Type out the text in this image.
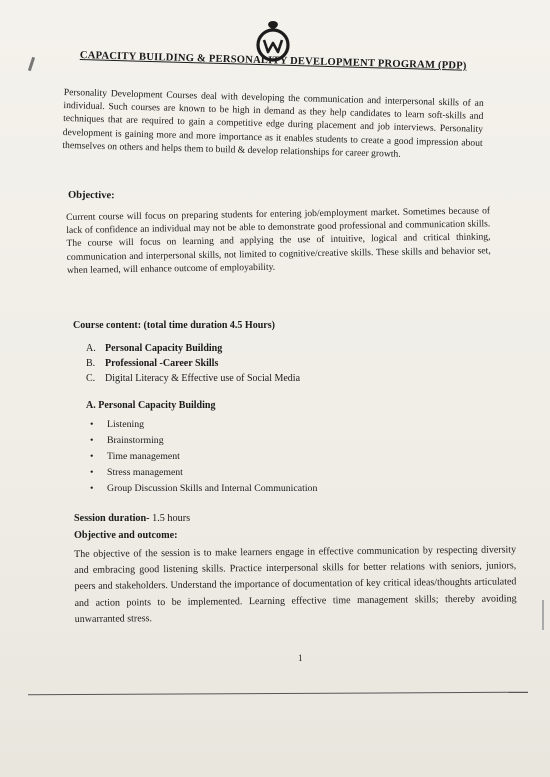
CAPACITY BUILDING & PERSONALITY DEVELOPMENT PROGRAM (PDP)
Personality Development Courses deal with developing the communication and interpersonal skills of an individual. Such courses are known to be high in demand as they help candidates to learn soft-skills and techniques that are required to gain a competitive edge during placement and job interviews. Personality development is gaining more and more importance as it enables students to create a good impression about themselves on others and helps them to build & develop relationships for career growth.
Objective:
Current course will focus on preparing students for entering job/employment market. Sometimes because of lack of confidence an individual may not be able to demonstrate good professional and communication skills. The course will focus on learning and applying the use of intuitive, logical and critical thinking, communication and interpersonal skills, not limited to cognitive/creative skills. These skills and behavior set, when learned, will enhance outcome of employability.
Course content: (total time duration 4.5 Hours)
A. Personal Capacity Building
B. Professional -Career Skills
C. Digital Literacy & Effective use of Social Media
A. Personal Capacity Building
•	Listening
•	Brainstorming
•	Time management
•	Stress management
•	Group Discussion Skills and Internal Communication
Session duration- 1.5 hours
Objective and outcome:
The objective of the session is to make learners engage in effective communication by respecting diversity and embracing good listening skills. Practice interpersonal skills for better relations with seniors, juniors, peers and stakeholders. Understand the importance of documentation of key critical ideas/thoughts articulated and action points to be implemented. Learning effective time management skills; thereby avoiding unwarranted stress.
1
